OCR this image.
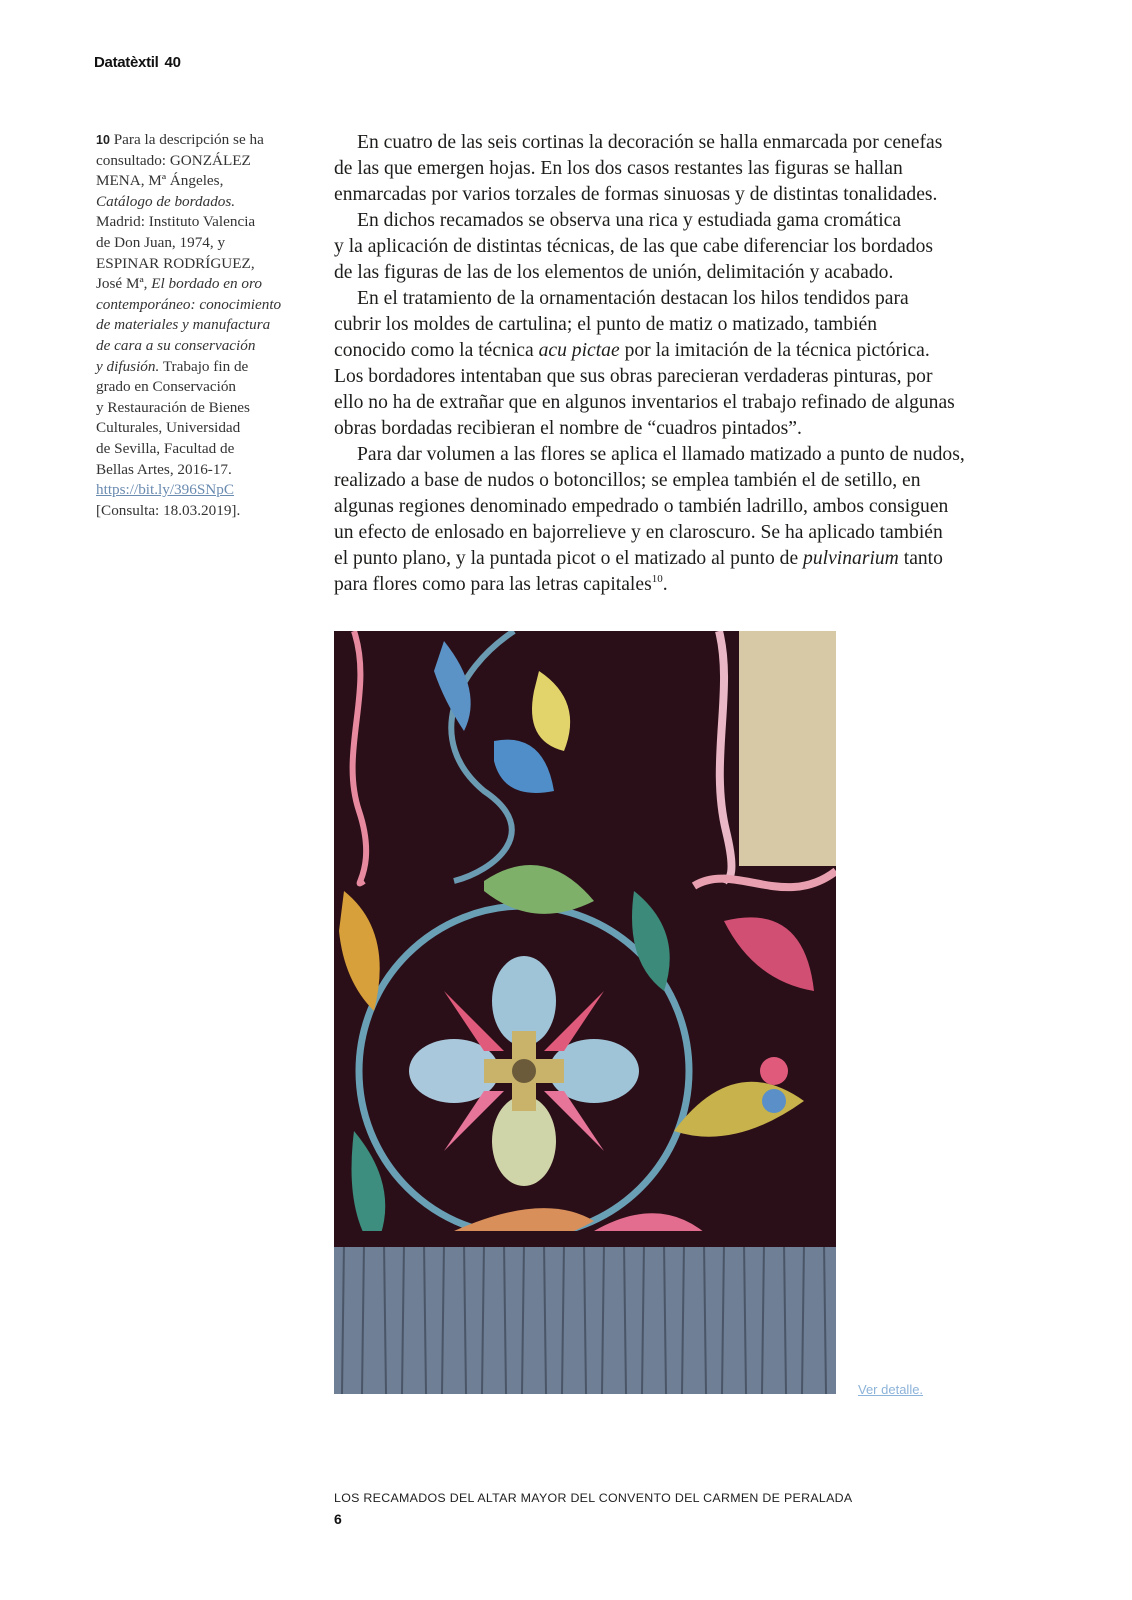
Datatèxtil 40
10 Para la descripción se ha
consultado: GONZÁLEZ
MENA, Mª Ángeles,
Catálogo de bordados.
Madrid: Instituto Valencia
de Don Juan, 1974, y
ESPINAR RODRÍGUEZ,
José Mª, El bordado en oro
contemporáneo: conocimiento
de materiales y manufactura
de cara a su conservación
y difusión. Trabajo fin de
grado en Conservación
y Restauración de Bienes
Culturales, Universidad
de Sevilla, Facultad de
Bellas Artes, 2016-17.
https://bit.ly/396SNpC
[Consulta: 18.03.2019].
En cuatro de las seis cortinas la decoración se halla enmarcada por cenefas
de las que emergen hojas. En los dos casos restantes las figuras se hallan
enmarcadas por varios torzales de formas sinuosas y de distintas tonalidades.
En dichos recamados se observa una rica y estudiada gama cromática
y la aplicación de distintas técnicas, de las que cabe diferenciar los bordados
de las figuras de las de los elementos de unión, delimitación y acabado.
En el tratamiento de la ornamentación destacan los hilos tendidos para
cubrir los moldes de cartulina; el punto de matiz o matizado, también
conocido como la técnica acu pictae por la imitación de la técnica pictórica.
Los bordadores intentaban que sus obras parecieran verdaderas pinturas, por
ello no ha de extrañar que en algunos inventarios el trabajo refinado de algunas
obras bordadas recibieran el nombre de “cuadros pintados”.
Para dar volumen a las flores se aplica el llamado matizado a punto de nudos,
realizado a base de nudos o botoncillos; se emplea también el de setillo, en
algunas regiones denominado empedrado o también ladrillo, ambos consiguen
un efecto de enlosado en bajorrelieve y en claroscuro. Se ha aplicado también
el punto plano, y la puntada picot o el matizado al punto de pulvinarium tanto
para flores como para las letras capitales$^{10}$.
Ver detalle.
LOS RECAMADOS DEL ALTAR MAYOR DEL CONVENTO DEL CARMEN DE PERALADA
6
